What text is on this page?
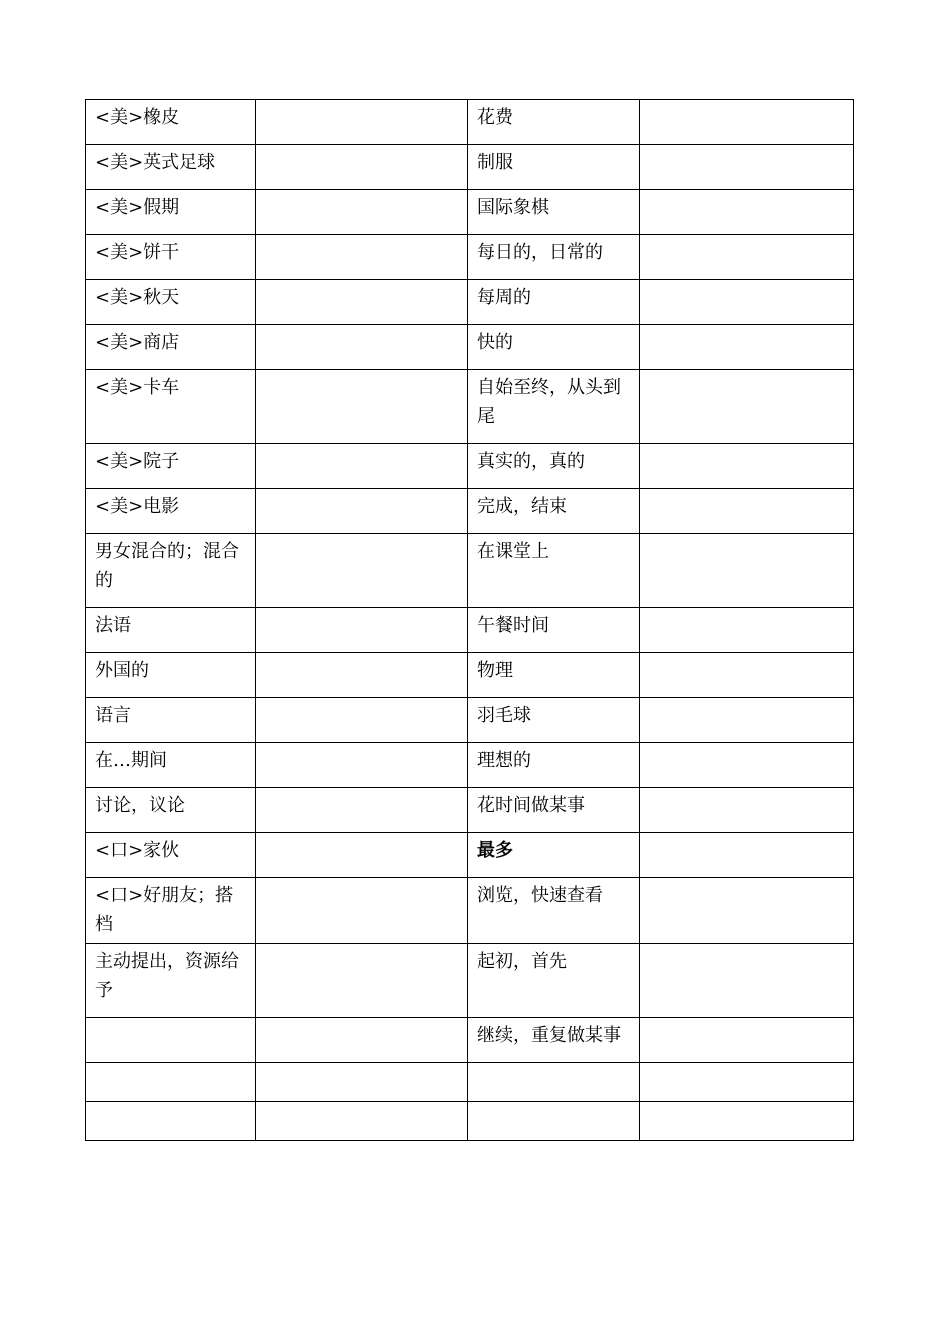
<美>橡皮		花费	
<美>英式足球		制服	
<美>假期		国际象棋	
<美>饼干		每日的，日常的	
<美>秋天		每周的	
<美>商店		快的	
<美>卡车		自始至终，从头到尾	
<美>院子		真实的，真的	
<美>电影		完成，结束	
男女混合的；混合的		在课堂上	
法语		午餐时间	
外国的		物理	
语言		羽毛球	
在…期间		理想的	
讨论，议论		花时间做某事	
<口>家伙		最多	
<口>好朋友；搭档		浏览，快速查看	
主动提出，资源给予		起初，首先	
		继续，重复做某事	
